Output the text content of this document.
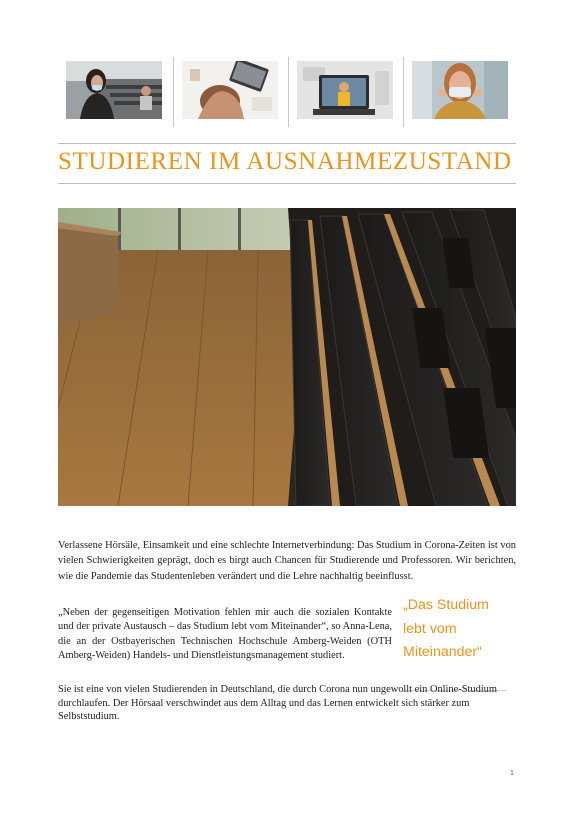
STUDIEREN IM AUSNAHMEZUSTAND
Verlassene Hörsäle, Einsamkeit und eine schlechte Internetverbindung: Das Studium in Corona-Zeiten ist von vielen Schwierigkeiten geprägt, doch es birgt auch Chancen für Studierende und Professoren. Wir berichten, wie die Pandemie das Studentenleben verändert und die Lehre nachhaltig beeinflusst.
„Neben der gegenseitigen Motivation fehlen mir auch die sozialen Kontakte und der private Austausch – das Studium lebt vom Miteinander“, so Anna-Lena, die an der Ostbayerischen Technischen Hochschule Amberg-Weiden (OTH Amberg-Weiden) Handels- und Dienstleistungsmanagement studiert.
„Das Studium lebt vom Miteinander“
Sie ist eine von vielen Studierenden in Deutschland, die durch Corona nun ungewollt ein Online-Studium durchlaufen. Der Hörsaal verschwindet aus dem Alltag und das Lernen entwickelt sich stärker zum Selbststudium.
1
